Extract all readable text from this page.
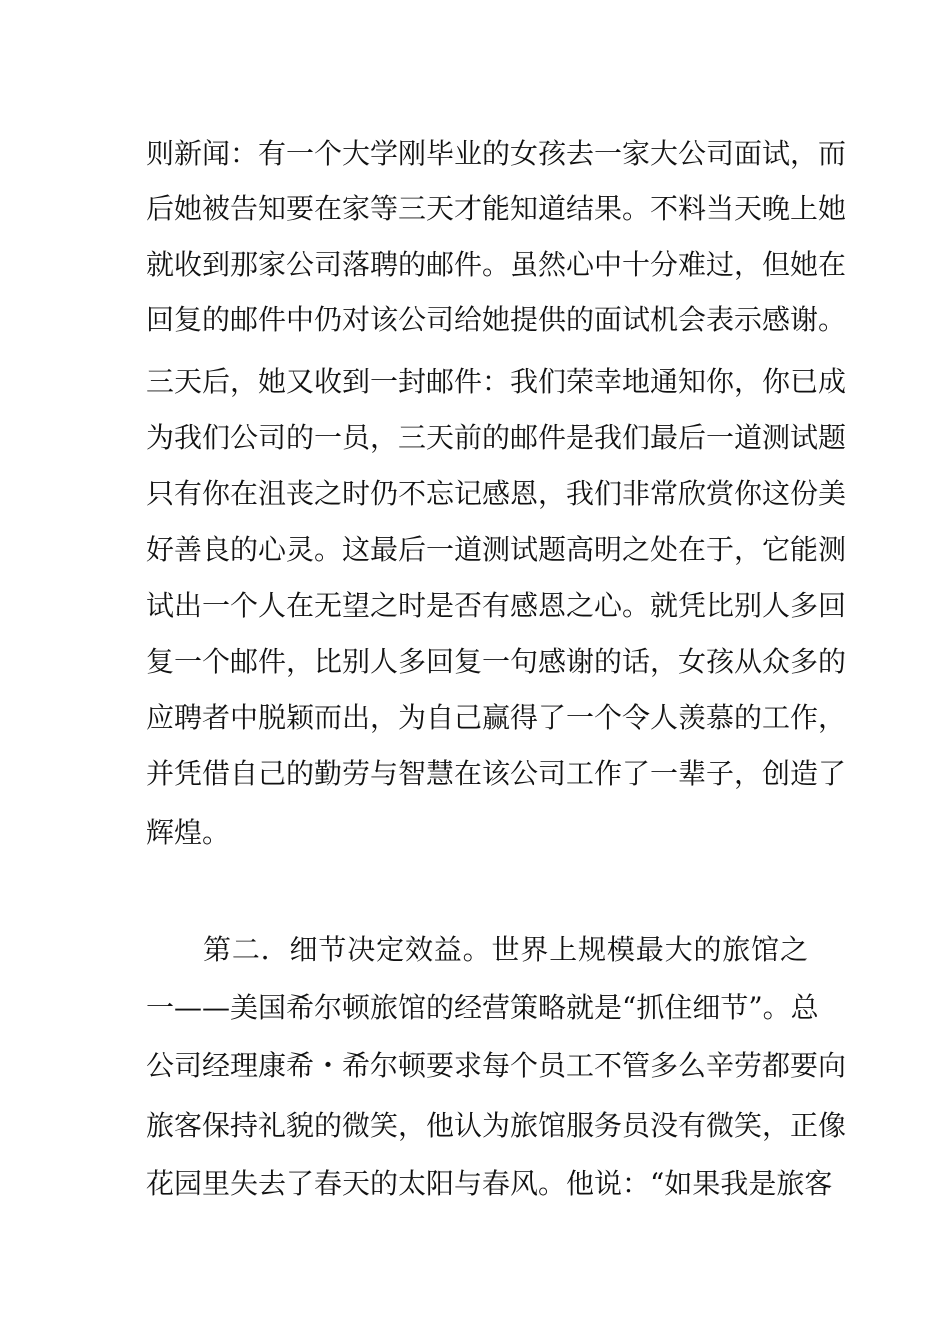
则新闻：有一个大学刚毕业的女孩去一家大公司面试，而
后她被告知要在家等三天才能知道结果。不料当天晚上她
就收到那家公司落聘的邮件。虽然心中十分难过，但她在
回复的邮件中仍对该公司给她提供的面试机会表示感谢。
三天后，她又收到一封邮件：我们荣幸地通知你，你已成
为我们公司的一员，三天前的邮件是我们最后一道测试题
只有你在沮丧之时仍不忘记感恩，我们非常欣赏你这份美
好善良的心灵。这最后一道测试题高明之处在于，它能测
试出一个人在无望之时是否有感恩之心。就凭比别人多回
复一个邮件，比别人多回复一句感谢的话，女孩从众多的
应聘者中脱颖而出，为自己赢得了一个令人羡慕的工作，
并凭借自己的勤劳与智慧在该公司工作了一辈子，创造了
辉煌。
第二．细节决定效益。世界上规模最大的旅馆之
一——美国希尔顿旅馆的经营策略就是“抓住细节”。总
公司经理康希・希尔顿要求每个员工不管多么辛劳都要向
旅客保持礼貌的微笑，他认为旅馆服务员没有微笑，正像
花园里失去了春天的太阳与春风。他说：“如果我是旅客
